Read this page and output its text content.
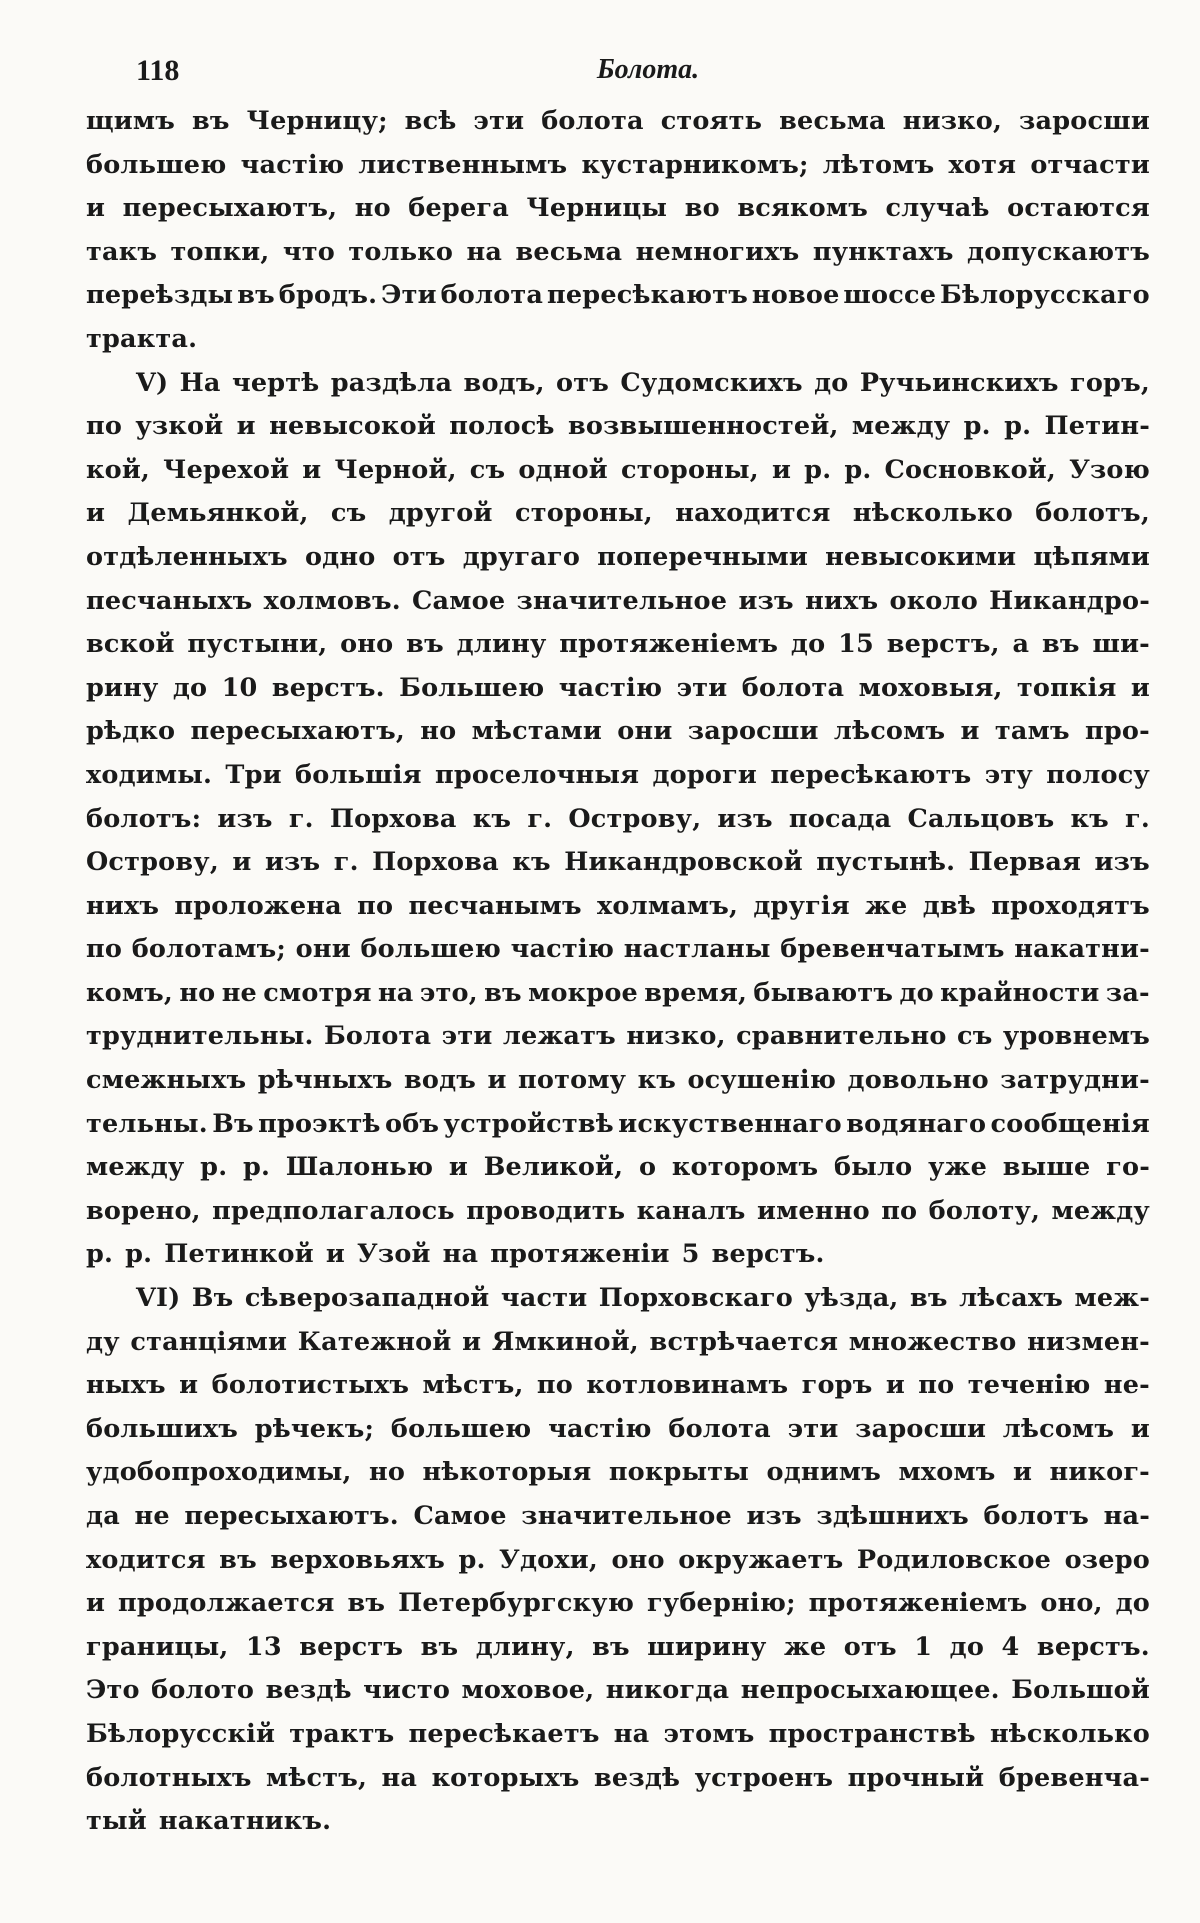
118	Болота.
щимъ въ Черницу; всѣ эти болота стоять весьма низко, заросши
большею частію лиственнымъ кустарникомъ; лѣтомъ хотя отчасти
и пересыхаютъ, но берега Черницы во всякомъ случаѣ остаются
такъ топки, что только на весьма немногихъ пунктахъ допускаютъ
переѣзды въ бродъ. Эти болота пересѣкаютъ новое шоссе Бѣлорусскаго
тракта.
V) На чертѣ раздѣла водъ, отъ Судомскихъ до Ручьинскихъ горъ,
по узкой и невысокой полосѣ возвышенностей, между р. р. Петин-
кой, Черехой и Черной, съ одной стороны, и р. р. Сосновкой, Узою
и Демьянкой, съ другой стороны, находится нѣсколько болотъ,
отдѣленныхъ одно отъ другаго поперечными невысокими цѣпями
песчаныхъ холмовъ. Самое значительное изъ нихъ около Никандро-
вской пустыни, оно въ длину протяженіемъ до 15 верстъ, а въ ши-
рину до 10 верстъ. Большею частію эти болота моховыя, топкія и
рѣдко пересыхаютъ, но мѣстами они заросши лѣсомъ и тамъ про-
ходимы. Три большія проселочныя дороги пересѣкаютъ эту полосу
болотъ: изъ г. Порхова къ г. Острову, изъ посада Сальцовъ къ г.
Острову, и изъ г. Порхова къ Никандровской пустынѣ. Первая изъ
нихъ проложена по песчанымъ холмамъ, другія же двѣ проходятъ
по болотамъ; они большею частію настланы бревенчатымъ накатни-
комъ, но не смотря на это, въ мокрое время, бываютъ до крайности за-
труднительны. Болота эти лежатъ низко, сравнительно съ уровнемъ
смежныхъ рѣчныхъ водъ и потому къ осушенію довольно затрудни-
тельны. Въ проэктѣ объ устройствѣ искуственнаго водянаго сообщенія
между р. р. Шалонью и Великой, о которомъ было уже выше го-
ворено, предполагалось проводить каналъ именно по болоту, между
р. р. Петинкой и Узой на протяженіи 5 верстъ.
VI) Въ сѣверозападной части Порховскаго уѣзда, въ лѣсахъ меж-
ду станціями Катежной и Ямкиной, встрѣчается множество низмен-
ныхъ и болотистыхъ мѣстъ, по котловинамъ горъ и по теченію не-
большихъ рѣчекъ; большею частію болота эти заросши лѣсомъ и
удобопроходимы, но нѣкоторыя покрыты однимъ мхомъ и никог-
да не пересыхаютъ. Самое значительное изъ здѣшнихъ болотъ на-
ходится въ верховьяхъ р. Удохи, оно окружаетъ Родиловское озеро
и продолжается въ Петербургскую губернію; протяженіемъ оно, до
границы, 13 верстъ въ длину, въ ширину же отъ 1 до 4 верстъ.
Это болото вездѣ чисто моховое, никогда непросыхающее. Большой
Бѣлорусскій трактъ пересѣкаетъ на этомъ пространствѣ нѣсколько
болотныхъ мѣстъ, на которыхъ вездѣ устроенъ прочный бревенча-
тый накатникъ.
